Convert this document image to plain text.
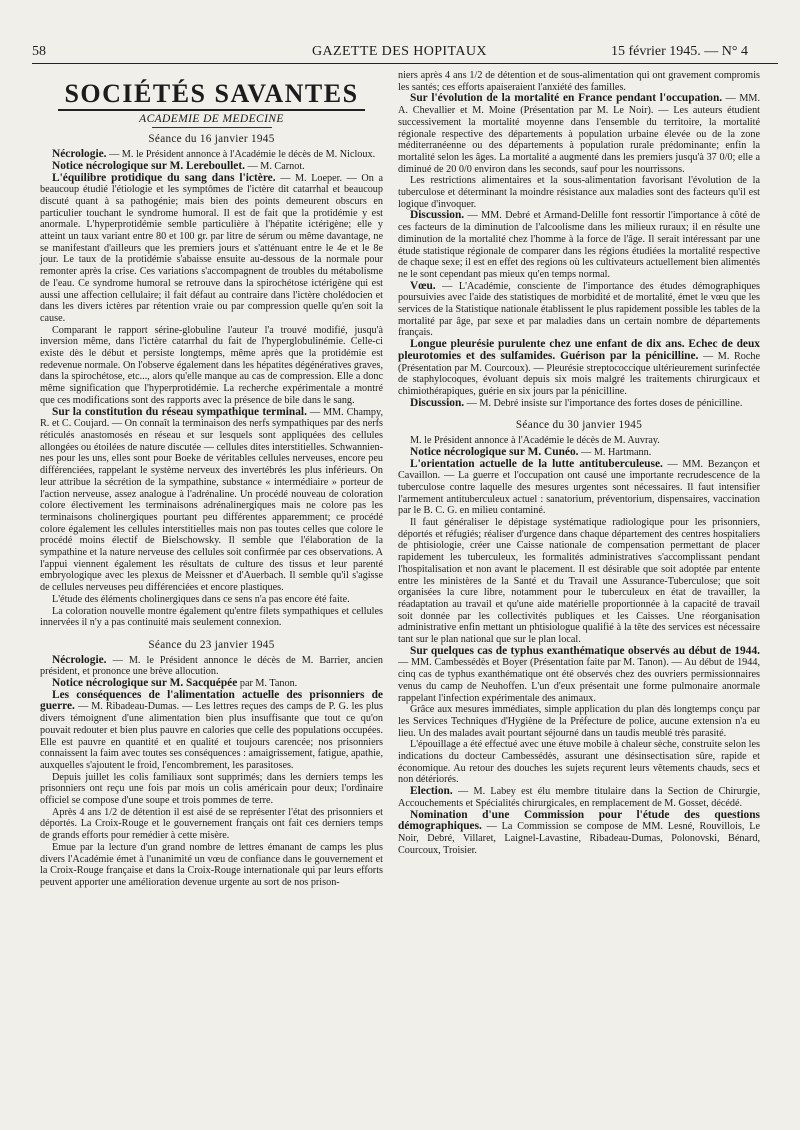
58	GAZETTE DES HOPITAUX	15 février 1945. — N° 4
SOCIÉTÉS SAVANTES
ACADEMIE DE MEDECINE
Séance du 16 janvier 1945

Nécrologie. — M. le Président annonce à l'Académie le décès de M. Nicloux.

Notice nécrologique sur M. Lereboullet. — M. Carnot.

L'équilibre protidique du sang dans l'ictère. — M. Loeper. — On a beaucoup étudié l'étiologie et les symptômes de l'ictère dit catarrhal et beaucoup discuté quant à sa pathogénie; mais bien des points demeurent obscurs en particulier touchant le syndrome humoral. Il est de fait que la protidémie y est anormale. L'hyperprotidémie semble particulière à l'hépatite ictérigène; elle y atteint un taux variant entre 80 et 100 gr. par litre de sérum ou même davantage, ne se manifestant d'ailleurs que les premiers jours et s'atténuant entre le 4e et le 8e jour. Le taux de la protidémie s'abaisse ensuite au-dessous de la normale pour remonter après la crise. Ces variations s'accompagnent de troubles du métabolisme de l'eau. Ce syndrome humoral se retrouve dans la spirochétose ictérigène qui est aussi une affection cellulaire; il fait défaut au contraire dans l'ictère cholédocien et dans les divers ictères par rétention vraie ou par compression quelle qu'en soit la cause.

Comparant le rapport sérine-globuline l'auteur l'a trouvé modifié, jusqu'à inversion même, dans l'ictère catarrhal du fait de l'hyperglobulinémie. Celle-ci existe dès le début et persiste longtemps, même après que la protidémie est redevenue normale. On l'observe également dans les hépatites dégénératives graves, dans la spirochétose, etc..., alors qu'elle manque au cas de compression. Elle a donc même signification que l'hyperprotidémie. La recherche expérimentale a montré que ces modifications sont des rapports avec la présence de bile dans le sang.

Sur la constitution du réseau sympathique terminal. — MM. Champy, R. et C. Coujard. — On connaît la terminaison des nerfs sympathiques par des nerfs réticulés anastomosés en réseau et sur lesquels sont appliquées des cellules allongées ou étoilées de nature discutée — cellules dites interstitielles. Schwannien-nes pour les uns, elles sont pour Boeke de véritables cellules nerveuses, encore peu différenciées, rappelant le système nerveux des invertébrés les plus inférieurs. On leur attribue la sécrétion de la sympathine, substance « intermédiaire » porteur de l'action nerveuse, assez analogue à l'adrénaline. Un procédé nouveau de coloration colore électivement les terminaisons adrénalinergiques mais ne colore pas les terminaisons cholinergiques pourtant peu différentes apparemment; ce procédé colore également les cellules interstitielles mais non pas toutes celles que colore le procédé moins électif de Bielschowsky. Il semble que l'élaboration de la sympathine et la nature nerveuse des cellules soit confirmée par ces observations. A l'appui viennent également les résultats de culture des tissus et leur parenté embryologique avec les plexus de Meissner et d'Auerbach. Il semble qu'il s'agisse de cellules nerveuses peu différenciées et encore plastiques.

L'étude des éléments cholinergiques dans ce sens n'a pas encore été faite.

La coloration nouvelle montre également qu'entre filets sympathiques et cellules innervées il n'y a pas continuité mais seulement connexion.

Séance du 23 janvier 1945

Nécrologie. — M. le Président annonce le décès de M. Barrier, ancien président, et prononce une brève allocution.

Notice nécrologique sur M. Sacquépée par M. Tanon.

Les conséquences de l'alimentation actuelle des prisonniers de guerre. — M. Ribadeau-Dumas. — Les lettres reçues des camps de P. G. les plus divers témoignent d'une alimentation bien plus insuffisante que tout ce qu'on pouvait redouter et bien plus pauvre en calories que celle des populations occupées. Elle est pauvre en quantité et en qualité et toujours carencée; nos prisonniers connaissent la faim avec toutes ses conséquences : amaigrissement, fatigue, apathie, auxquelles s'ajoutent le froid, l'encombrement, les parasitoses.

Depuis juillet les colis familiaux sont supprimés; dans les derniers temps les prisonniers ont reçu une fois par mois un colis américain pour deux; l'ordinaire officiel se compose d'une soupe et trois pommes de terre.

Après 4 ans 1/2 de détention il est aisé de se représenter l'état des prisonniers et déportés. La Croix-Rouge et le gouvernement français ont fait ces derniers temps de grands efforts pour remédier à cette misère.

Emue par la lecture d'un grand nombre de lettres émanant de camps les plus divers l'Académie émet à l'unanimité un vœu de confiance dans le gouvernement et la Croix-Rouge française et dans la Croix-Rouge internationale qui par leurs efforts peuvent apporter une amélioration devenue urgente au sort de nos prison-

niers après 4 ans 1/2 de détention et de sous-alimentation qui ont gravement compromis les santés; ces efforts apaiseraient l'anxiété des familles.

Sur l'évolution de la mortalité en France pendant l'occupation. — MM. A. Chevallier et M. Moine (Présentation par M. Le Noir). — Les auteurs étudient successivement la mortalité moyenne dans l'ensemble du territoire, la mortalité régionale respective des départements à population urbaine élevée ou de la zone méditerranéenne ou des départements à population rurale prédominante; enfin la mortalité selon les âges. La mortalité a augmenté dans les premiers jusqu'à 37 0/0; elle a diminué de 20 0/0 environ dans les seconds, sauf pour les nourrissons.

Les restrictions alimentaires et la sous-alimentation favorisant l'évolution de la tuberculose et déterminant la moindre résistance aux maladies sont des facteurs qu'il est logique d'invoquer.

Discussion. — MM. Debré et Armand-Delille font ressortir l'importance à côté de ces facteurs de la diminution de l'alcoolisme dans les milieux ruraux; il en résulte une diminution de la mortalité chez l'homme à la force de l'âge. Il serait intéressant par une étude statistique régionale de comparer dans les régions étudiées la mortalité respective de chaque sexe; il est en effet des regions où les cultivateurs actuellement bien alimentés ne le sont cependant pas mieux qu'en temps normal.

Vœu. — L'Académie, consciente de l'importance des études démographiques poursuivies avec l'aide des statistiques de morbidité et de mortalité, émet le vœu que les services de la Statistique nationale établissent le plus rapidement possible les tables de la mortalité par âge, par sexe et par maladies dans un certain nombre de départements français.

Longue pleurésie purulente chez une enfant de dix ans. Echec de deux pleurotomies et des sulfamides. Guérison par la pénicilline. — M. Roche (Présentation par M. Courcoux). — Pleurésie streptococcique ultérieurement surinfectée de staphylocoques, évoluant depuis six mois malgré les traitements chirurgicaux et chimiothérapiques, guérie en six jours par la pénicilline.

Discussion. — M. Debré insiste sur l'importance des fortes doses de pénicilline.

Séance du 30 janvier 1945

M. le Président annonce à l'Académie le décès de M. Auvray.

Notice nécrologique sur M. Cunéo. — M. Hartmann.

L'orientation actuelle de la lutte antituberculeuse. — MM. Bezançon et Cavaillon. — La guerre et l'occupation ont causé une importante recrudescence de la tuberculose contre laquelle des mesures urgentes sont nécessaires. Il faut intensifier l'armement antituberculeux actuel : sanatorium, préventorium, dispensaires, vaccination par le B. C. G. en milieu contaminé.

Il faut généraliser le dépistage systématique radiologique pour les prisonniers, déportés et réfugiés; réaliser d'urgence dans chaque département des centres hospitaliers de phtisiologie, créer une Caisse nationale de compensation permettant de placer rapidement les tuberculeux, les formalités administratives s'accomplissant pendant l'hospitalisation et non avant le placement. Il est désirable que soit adoptée par entente entre les ministères de la Santé et du Travail une Assurance-Tuberculose; que soit organisées la cure libre, notamment pour le tuberculeux en état de travailler, la réadaptation au travail et qu'une aide matérielle proportionnée à la capacité de travail soit donnée par les collectivités publiques et les Caisses. Une réorganisation administrative enfin mettant un phtisiologue qualifié à la tête des services est nécessaire tant sur le plan national que sur le plan local.

Sur quelques cas de typhus exanthématique observés au début de 1944. — MM. Cambessédès et Boyer (Présentation faite par M. Tanon). — Au début de 1944, cinq cas de typhus exanthématique ont été observés chez des ouvriers permissionnaires venus du camp de Neuhoffen. L'un d'eux présentait une forme pulmonaire anormale rappelant l'infection expérimentale des animaux.

Grâce aux mesures immédiates, simple application du plan dès longtemps conçu par les Services Techniques d'Hygiène de la Préfecture de police, aucune extension n'a eu lieu. Un des malades avait pourtant séjourné dans un taudis meublé très parasité.

L'épouillage a été effectué avec une étuve mobile à chaleur sèche, construite selon les indications du docteur Cambessédès, assurant une désinsectisation sûre, rapide et économique. Au retour des douches les sujets reçurent leurs vêtements chauds, secs et non détériorés.

Election. — M. Labey est élu membre titulaire dans la Section de Chirurgie, Accouchements et Spécialités chirurgicales, en remplacement de M. Gosset, décédé.

Nomination d'une Commission pour l'étude des questions démographiques. — La Commission se compose de MM. Lesné, Rouvillois, Le Noir, Debré, Villaret, Laignel-Lavastine, Ribadeau-Dumas, Polonovski, Bénard, Courcoux, Troisier.
